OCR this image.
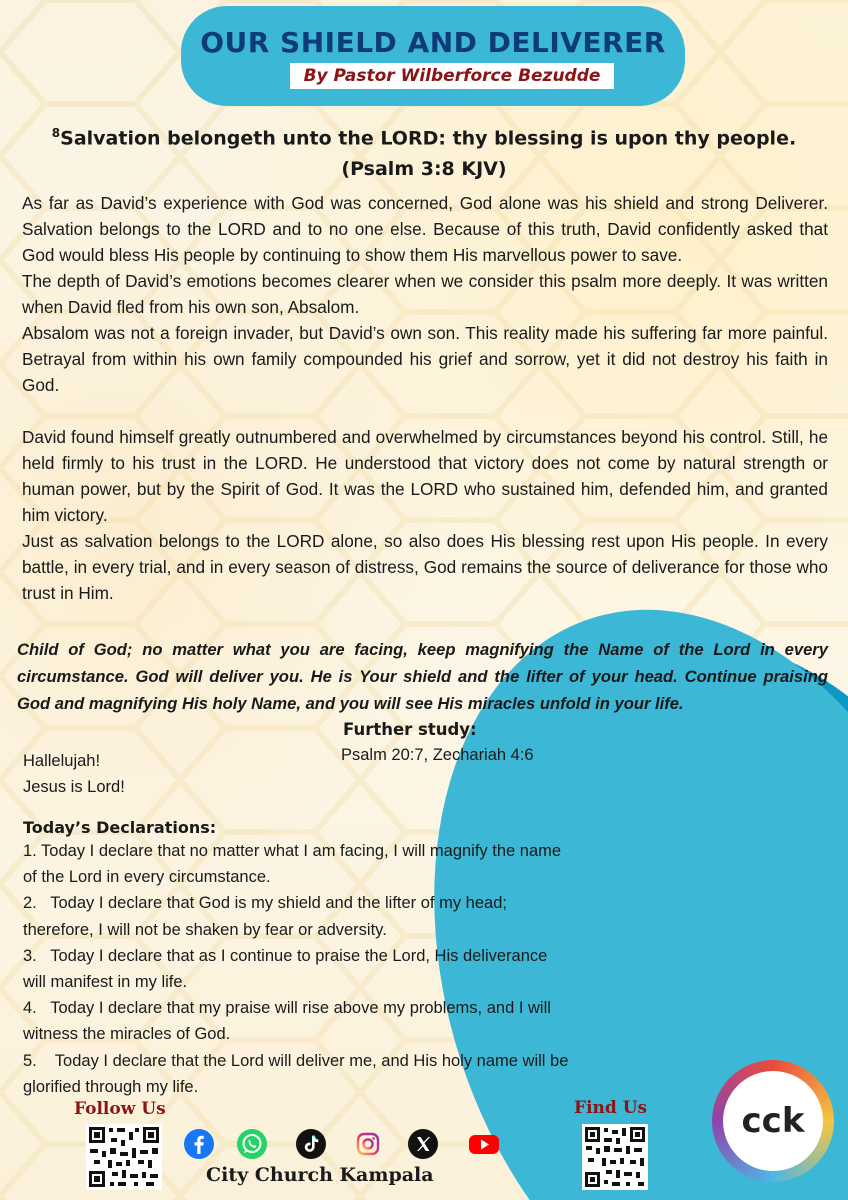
OUR SHIELD AND DELIVERER
By Pastor Wilberforce Bezudde
$^8$Salvation belongeth unto the LORD: thy blessing is upon thy people.
(Psalm 3:8 KJV)

As far as David’s experience with God was concerned, God alone was his shield and strong Deliverer. Salvation belongs to the LORD and to no one else. Because of this truth, David confidently asked that God would bless His people by continuing to show them His marvellous power to save.

The depth of David’s emotions becomes clearer when we consider this psalm more deeply. It was written when David fled from his own son, Absalom.

Absalom was not a foreign invader, but David’s own son. This reality made his suffering far more painful. Betrayal from within his own family compounded his grief and sorrow, yet it did not destroy his faith in God.

David found himself greatly outnumbered and overwhelmed by circumstances beyond his control. Still, he held firmly to his trust in the LORD. He understood that victory does not come by natural strength or human power, but by the Spirit of God. It was the LORD who sustained him, defended him, and granted him victory.

Just as salvation belongs to the LORD alone, so also does His blessing rest upon His people. In every battle, in every trial, and in every season of distress, God remains the source of deliverance for those who trust in Him.

Child of God; no matter what you are facing, keep magnifying the Name of the Lord in every circumstance. God will deliver you. He is Your shield and the lifter of your head. Continue praising God and magnifying His holy Name, and you will see His miracles unfold in your life.
Hallelujah!
Jesus is Lord!
Further study:
Psalm 20:7, Zechariah 4:6
Today’s Declarations:
1. Today I declare that no matter what I am facing, I will magnify the name
of the Lord in every circumstance.
2.   Today I declare that God is my shield and the lifter of my head;
therefore, I will not be shaken by fear or adversity.
3.   Today I declare that as I continue to praise the Lord, His deliverance
will manifest in my life.
4.   Today I declare that my praise will rise above my problems, and I will
witness the miracles of God.
5.    Today I declare that the Lord will deliver me, and His holy name will be
glorified through my life.
Follow Us	Find Us
City Church Kampala
cck
